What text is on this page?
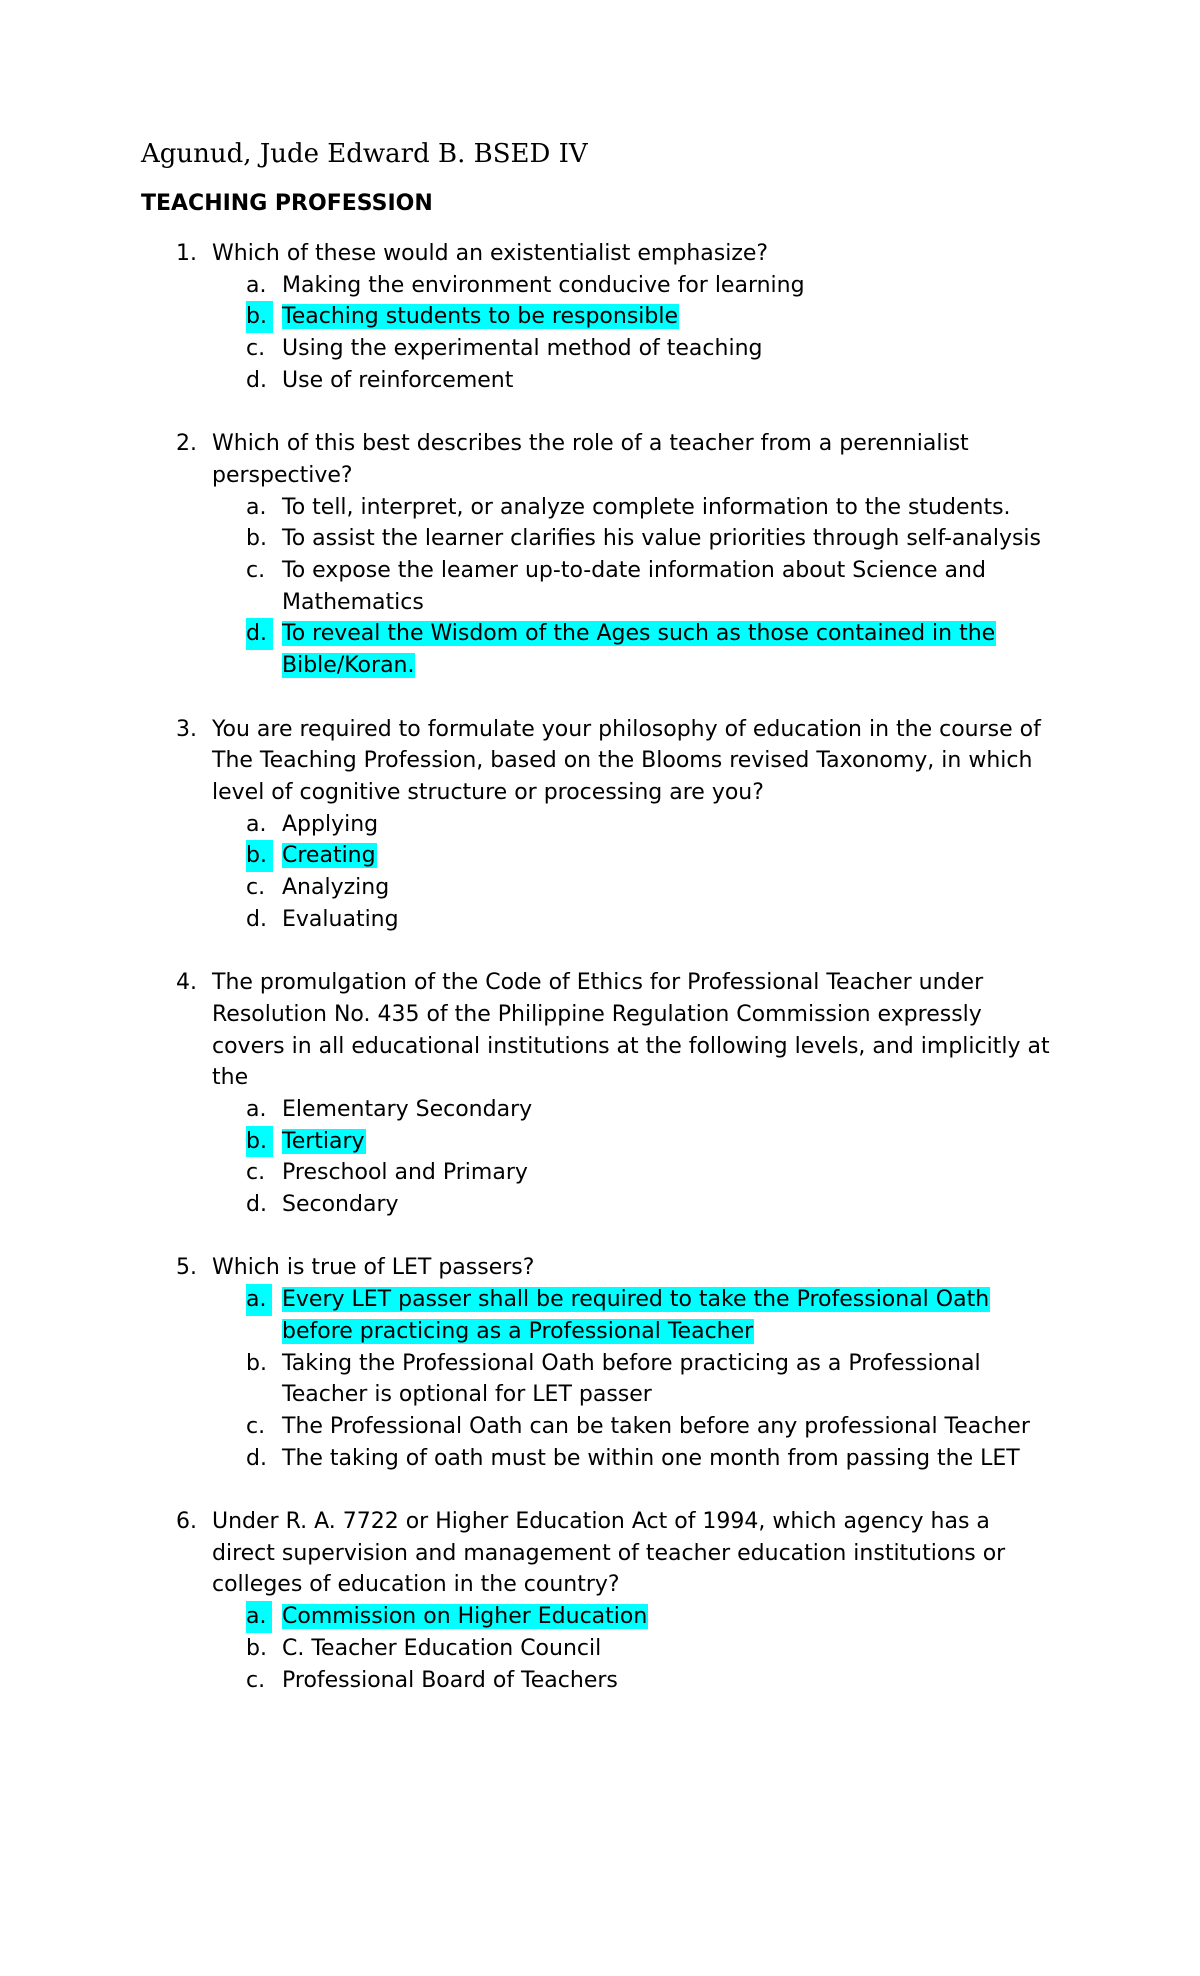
Agunud, Jude Edward B. BSED IV
TEACHING PROFESSION
1. Which of these would an existentialist emphasize?
a. Making the environment conducive for learning
b. Teaching students to be responsible
c. Using the experimental method of teaching
d. Use of reinforcement
2. Which of this best describes the role of a teacher from a perennialist perspective?
a. To tell, interpret, or analyze complete information to the students.
b. To assist the learner clarifies his value priorities through self-analysis
c. To expose the leamer up-to-date information about Science and Mathematics
d. To reveal the Wisdom of the Ages such as those contained in the Bible/Koran.
3. You are required to formulate your philosophy of education in the course of The Teaching Profession, based on the Blooms revised Taxonomy, in which level of cognitive structure or processing are you?
a. Applying
b. Creating
c. Analyzing
d. Evaluating
4. The promulgation of the Code of Ethics for Professional Teacher under Resolution No. 435 of the Philippine Regulation Commission expressly covers in all educational institutions at the following levels, and implicitly at the
a. Elementary Secondary
b. Tertiary
c. Preschool and Primary
d. Secondary
5. Which is true of LET passers?
a. Every LET passer shall be required to take the Professional Oath before practicing as a Professional Teacher
b. Taking the Professional Oath before practicing as a Professional Teacher is optional for LET passer
c. The Professional Oath can be taken before any professional Teacher
d. The taking of oath must be within one month from passing the LET
6. Under R. A. 7722 or Higher Education Act of 1994, which agency has a direct supervision and management of teacher education institutions or colleges of education in the country?
a. Commission on Higher Education
b. C. Teacher Education Council
c. Professional Board of Teachers
